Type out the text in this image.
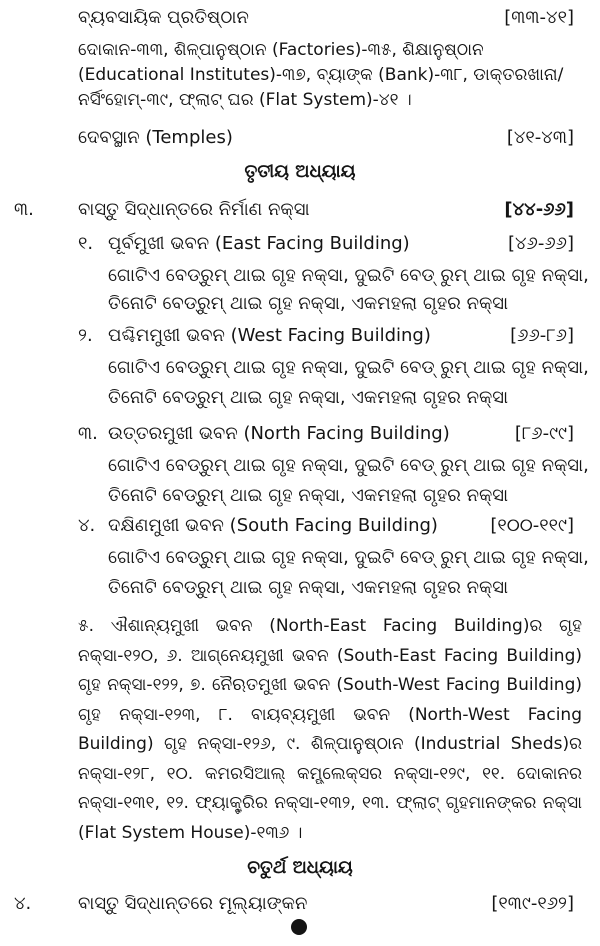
ବ୍ୟବସାୟିକ ପ୍ରତିଷ୍ଠାନ	[୩୩-୪୧]
ଦୋକାନ-୩୩, ଶିଳ୍ପାନୁଷ୍ଠାନ (Factories)-୩୫, ଶିକ୍ଷାନୁଷ୍ଠାନ (Educational Institutes)-୩୭, ବ୍ୟାଙ୍କ (Bank)-୩୮, ଡାକ୍ତରଖାନା/ନର୍ସିଂହୋମ୍-୩୯, ଫ୍ଲାଟ୍ ଘର (Flat System)-୪୧ ।
ଦେବସ୍ଥାନ (Temples)	[୪୧-୪୩]
ତୃତୀୟ ଅଧ୍ୟାୟ
୩. ବାସ୍ତୁ ସିଦ୍ଧାନ୍ତରେ ନିର୍ମାଣ ନକ୍ସା	[୪୪-୬୬]
୧. ପୂର୍ବମୁଖୀ ଭବନ (East Facing Building)	[୪୬-୬୬]
ଗୋଟିଏ ବେଡ୍‌ରୁମ୍ ଥାଇ ଗୃହ ନକ୍ସା, ଦୁଇଟି ବେଡ୍ ରୁମ୍ ଥାଇ ଗୃହ ନକ୍ସା,
ତିନୋଟି ବେଡ୍‌ରୁମ୍ ଥାଇ ଗୃହ ନକ୍ସା, ଏକମହଲା ଗୃହର ନକ୍ସା
୨. ପଶ୍ଚିମମୁଖୀ ଭବନ (West Facing Building)	[୬୬-୮୬]
ଗୋଟିଏ ବେଡ୍‌ରୁମ୍ ଥାଇ ଗୃହ ନକ୍ସା, ଦୁଇଟି ବେଡ୍ ରୁମ୍ ଥାଇ ଗୃହ ନକ୍ସା,
ତିନୋଟି ବେଡ୍‌ରୁମ୍ ଥାଇ ଗୃହ ନକ୍ସା, ଏକମହଲା ଗୃହର ନକ୍ସା
୩. ଉତ୍ତରମୁଖୀ ଭବନ (North Facing Building)	[୮୬-୯୯]
ଗୋଟିଏ ବେଡ୍‌ରୁମ୍ ଥାଇ ଗୃହ ନକ୍ସା, ଦୁଇଟି ବେଡ୍ ରୁମ୍ ଥାଇ ଗୃହ ନକ୍ସା,
ତିନୋଟି ବେଡ୍‌ରୁମ୍ ଥାଇ ଗୃହ ନକ୍ସା, ଏକମହଲା ଗୃହର ନକ୍ସା
୪. ଦକ୍ଷିଣମୁଖୀ ଭବନ (South Facing Building)	[୧୦୦-୧୧୯]
ଗୋଟିଏ ବେଡ୍‌ରୁମ୍ ଥାଇ ଗୃହ ନକ୍ସା, ଦୁଇଟି ବେଡ୍ ରୁମ୍ ଥାଇ ଗୃହ ନକ୍ସା,
ତିନୋଟି ବେଡ୍‌ରୁମ୍ ଥାଇ ଗୃହ ନକ୍ସା, ଏକମହଲା ଗୃହର ନକ୍ସା
୫. ଐଶାନ୍ୟମୁଖୀ ଭବନ (North-East Facing Building)ର ଗୃହ ନକ୍ସା-୧୨୦, ୬. ଆଗ୍ନେୟମୁଖୀ ଭବନ (South-East Facing Building) ଗୃହ ନକ୍ସା-୧୨୨, ୭. ନୈଋତମୁଖୀ ଭବନ (South-West Facing Building) ଗୃହ ନକ୍ସା-୧୨୩, ୮. ବାୟବ୍ୟମୁଖୀ ଭବନ (North-West Facing Building) ଗୃହ ନକ୍ସା-୧୨୬, ୯. ଶିଳ୍ପାନୁଷ୍ଠାନ (Industrial Sheds)ର ନକ୍ସା-୧୨୮, ୧୦. କମରସିଆଲ୍ କମ୍ପ୍ଲେକ୍ସର ନକ୍ସା-୧୨୯, ୧୧. ଦୋକାନର ନକ୍ସା-୧୩୧, ୧୨. ଫ୍ୟାକ୍ଟ୍ରିର ନକ୍ସା-୧୩୨, ୧୩. ଫ୍ଲାଟ୍ ଗୃହମାନଙ୍କର ନକ୍ସା (Flat System House)-୧୩୬ ।
ଚତୁର୍ଥ ଅଧ୍ୟାୟ
୪.	ବାସ୍ତୁ ସିଦ୍ଧାନ୍ତରେ ମୂଲ୍ୟାଙ୍କନ	[୧୩୯-୧୬୨]
